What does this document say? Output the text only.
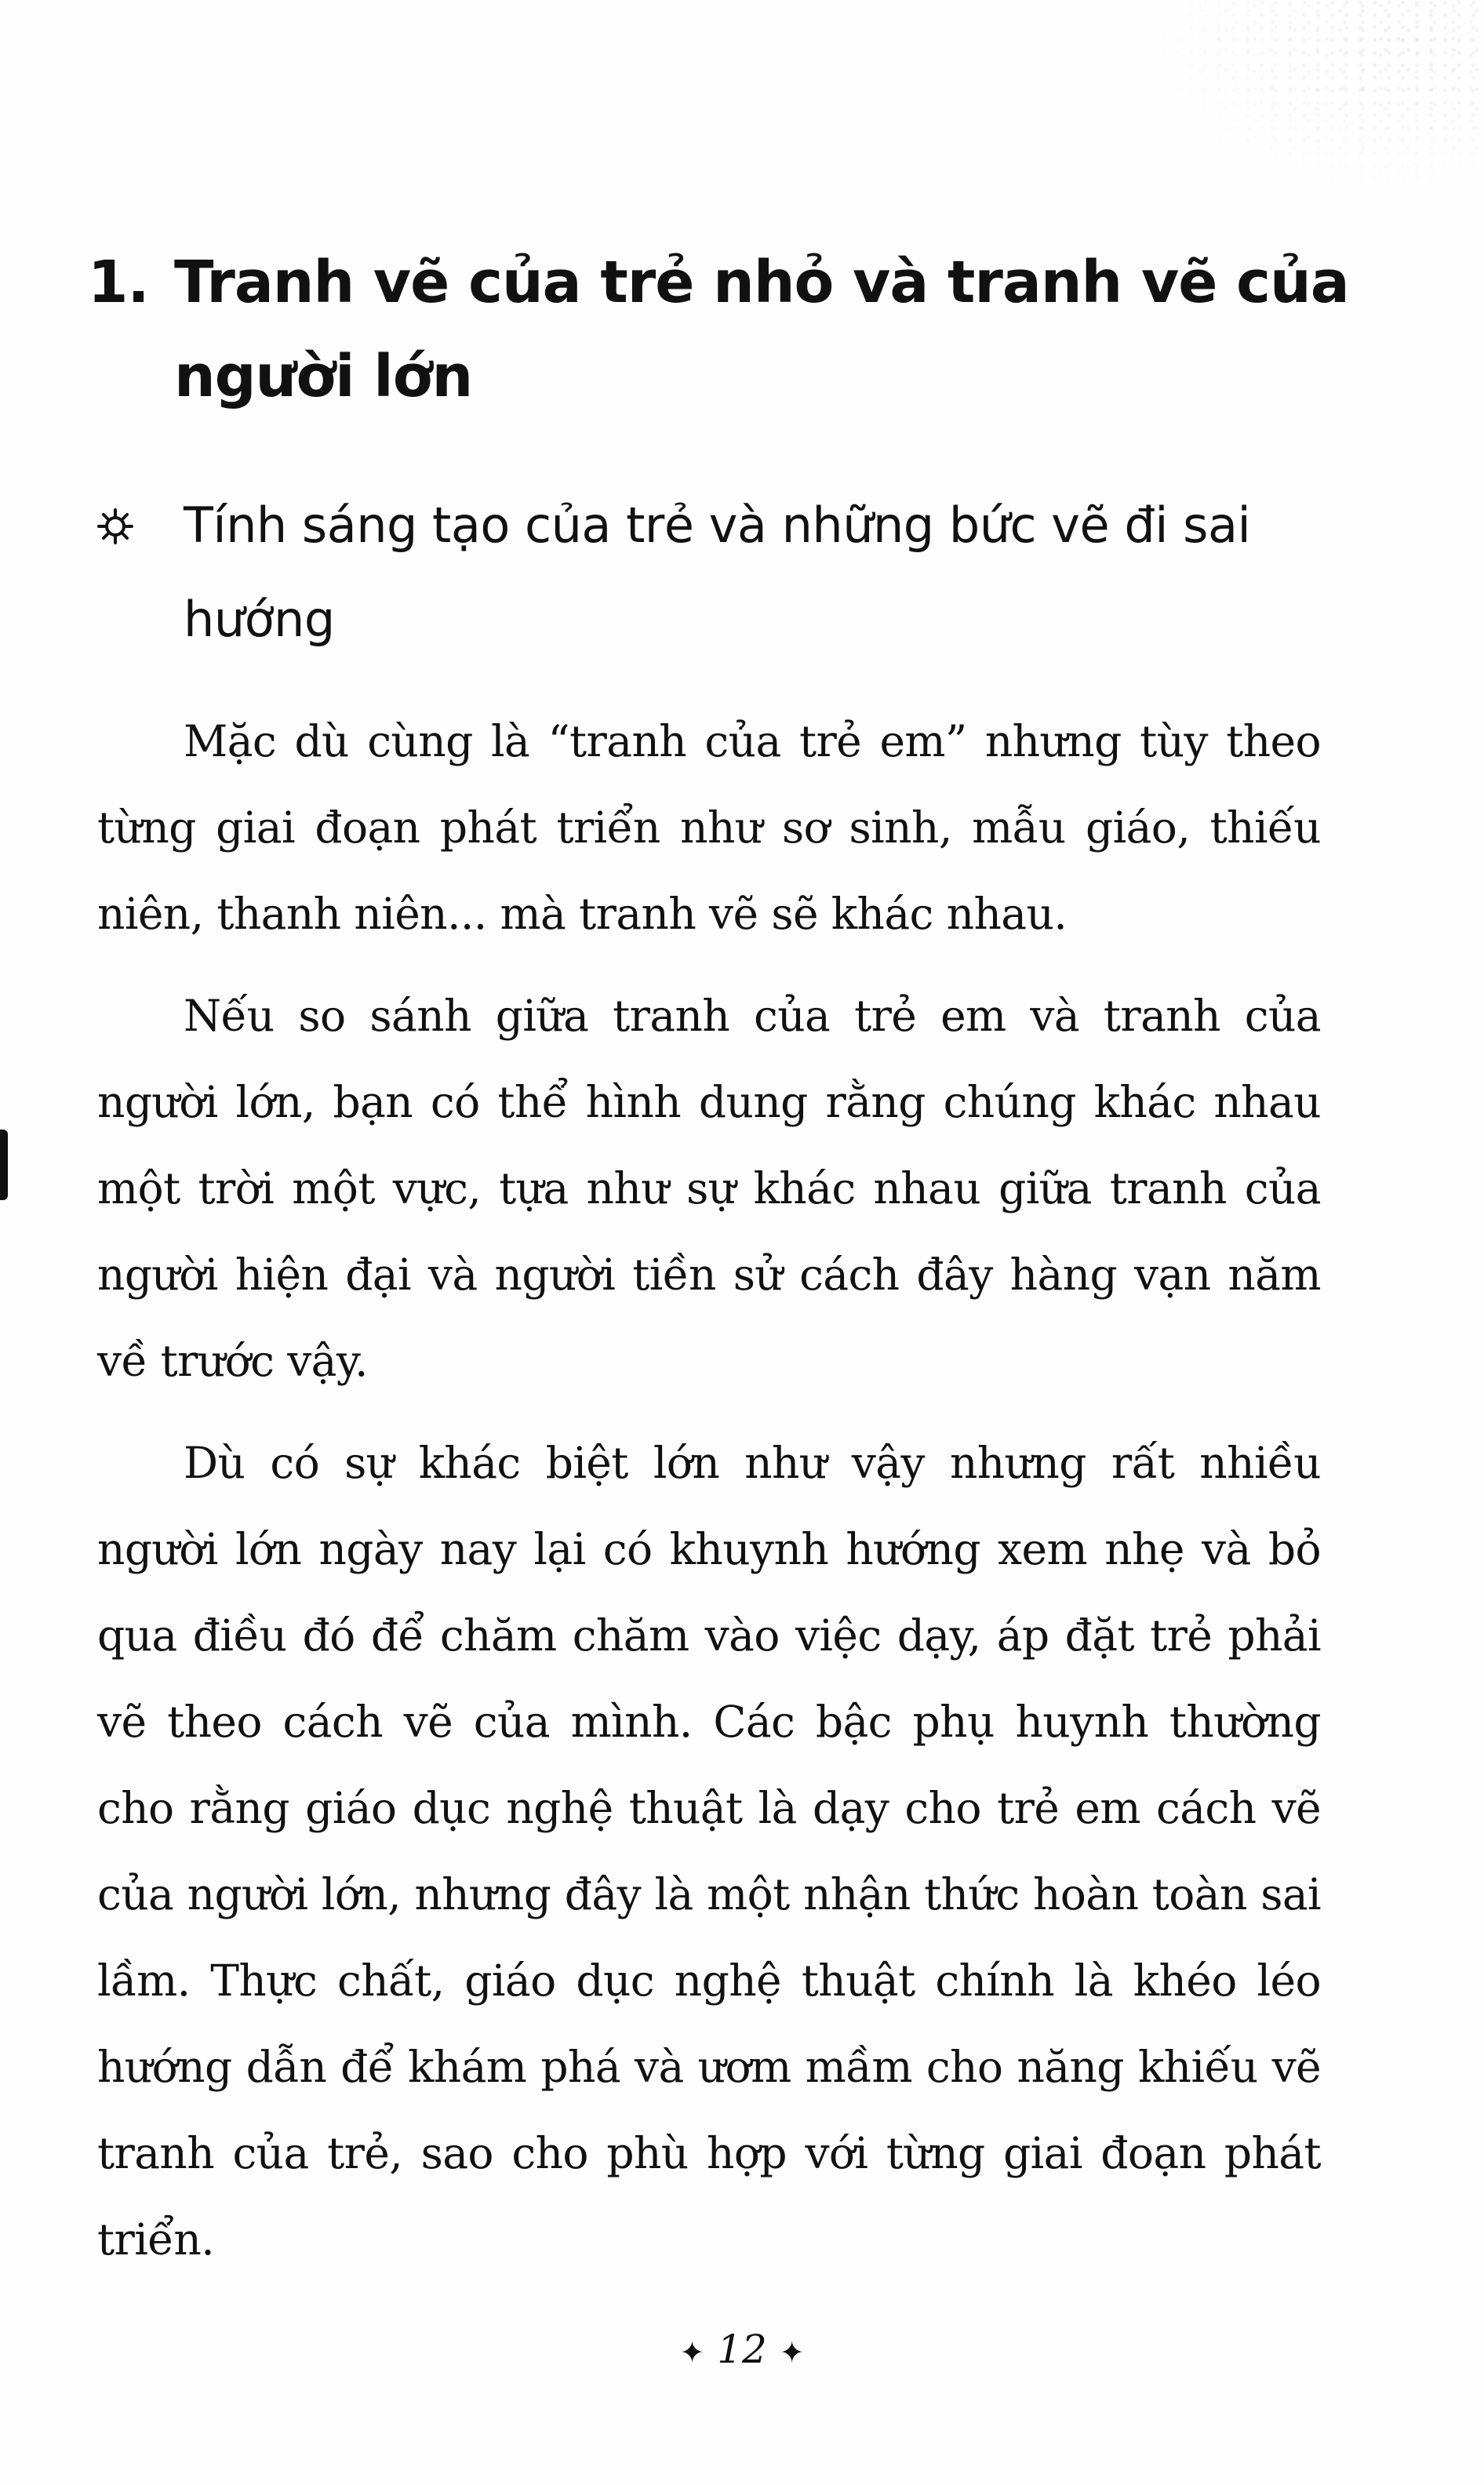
1. Tranh vẽ của trẻ nhỏ và tranh vẽ của người lớn
Tính sáng tạo của trẻ và những bức vẽ đi sai hướng

Mặc dù cùng là “tranh của trẻ em” nhưng tùy theo từng giai đoạn phát triển như sơ sinh, mẫu giáo, thiếu niên, thanh niên... mà tranh vẽ sẽ khác nhau.

Nếu so sánh giữa tranh của trẻ em và tranh của người lớn, bạn có thể hình dung rằng chúng khác nhau một trời một vực, tựa như sự khác nhau giữa tranh của người hiện đại và người tiền sử cách đây hàng vạn năm về trước vậy.

Dù có sự khác biệt lớn như vậy nhưng rất nhiều người lớn ngày nay lại có khuynh hướng xem nhẹ và bỏ qua điều đó để chăm chăm vào việc dạy, áp đặt trẻ phải vẽ theo cách vẽ của mình. Các bậc phụ huynh thường cho rằng giáo dục nghệ thuật là dạy cho trẻ em cách vẽ của người lớn, nhưng đây là một nhận thức hoàn toàn sai lầm. Thực chất, giáo dục nghệ thuật chính là khéo léo hướng dẫn để khám phá và ươm mầm cho năng khiếu vẽ tranh của trẻ, sao cho phù hợp với từng giai đoạn phát triển.

✦ 12 ✦
